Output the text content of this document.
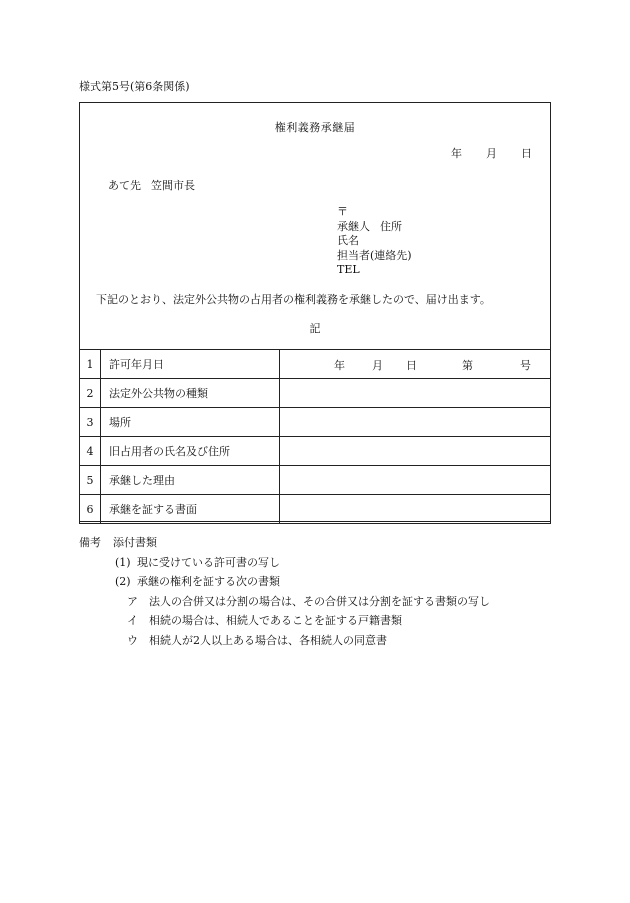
様式第5号(第6条関係)
権利義務承継届
年 月 日
あて先 笠間市長
〒
承継人 住所
氏名
担当者(連絡先)
TEL
下記のとおり、法定外公共物の占用者の権利義務を承継したので、届け出ます。
記
1	許可年月日	年 月 日 第 号

2	法定外公共物の種類	
3	場所	
4	旧占用者の氏名及び住所	
5	承継した理由	
6	承継を証する書面	
備考 添付書類
(1) 現に受けている許可書の写し
(2) 承継の権利を証する次の書類
ア 法人の合併又は分割の場合は、その合併又は分割を証する書類の写し
イ 相続の場合は、相続人であることを証する戸籍書類
ウ 相続人が2人以上ある場合は、各相続人の同意書
